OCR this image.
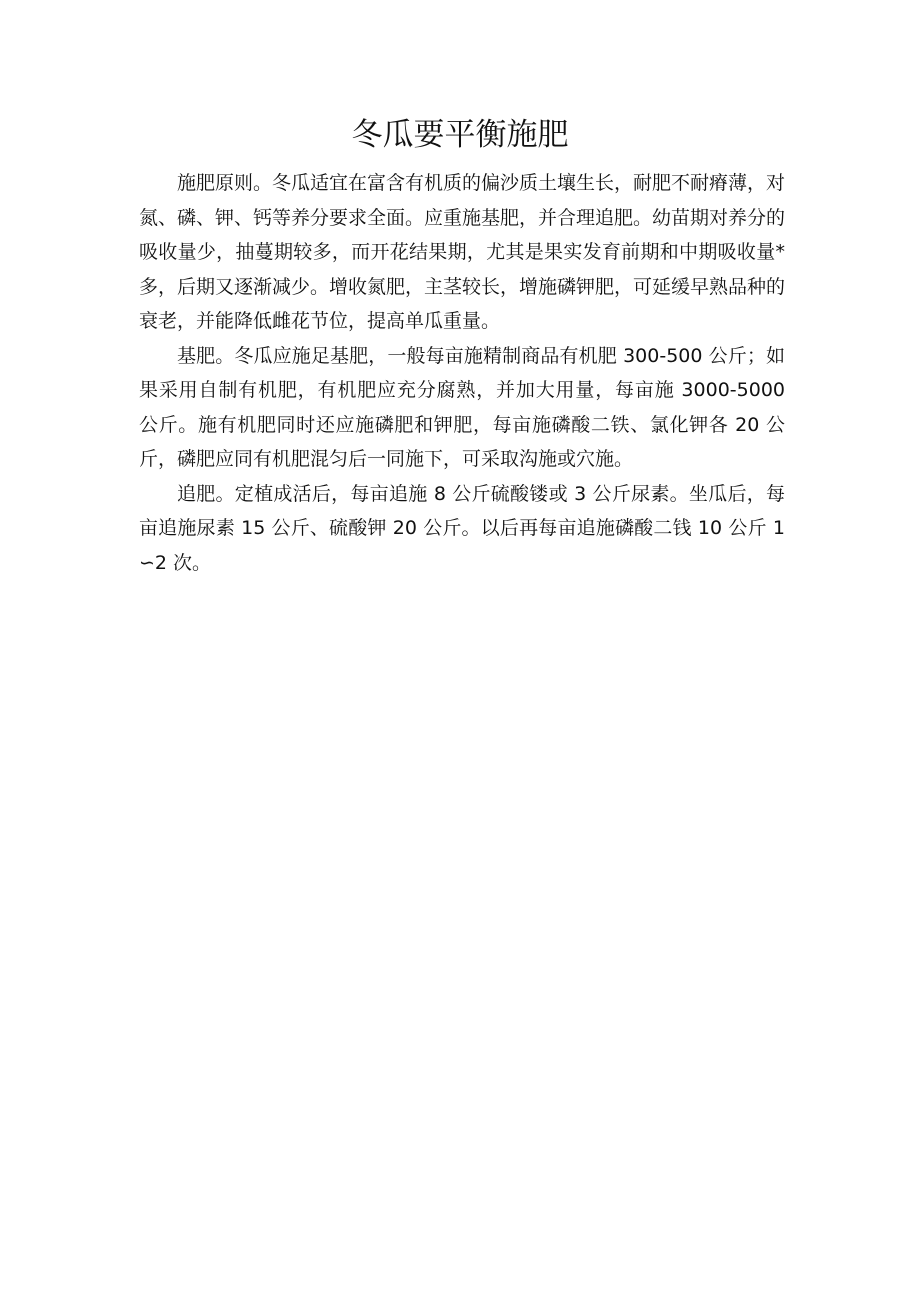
冬瓜要平衡施肥

施肥原则。冬瓜适宜在富含有机质的偏沙质土壤生长，耐肥不耐瘠薄，对氮、磷、钾、钙等养分要求全面。应重施基肥，并合理追肥。幼苗期对养分的吸收量少，抽蔓期较多，而开花结果期，尤其是果实发育前期和中期吸收量*多，后期又逐渐减少。增收氮肥，主茎较长，增施磷钾肥，可延缓早熟品种的衰老，并能降低雌花节位，提高单瓜重量。

基肥。冬瓜应施足基肥，一般每亩施精制商品有机肥 300-500 公斤；如果采用自制有机肥，有机肥应充分腐熟，并加大用量，每亩施 3000-5000 公斤。施有机肥同时还应施磷肥和钾肥，每亩施磷酸二铁、氯化钾各 20 公斤，磷肥应同有机肥混匀后一同施下，可采取沟施或穴施。

追肥。定植成活后，每亩追施 8 公斤硫酸镂或 3 公斤尿素。坐瓜后，每亩追施尿素 15 公斤、硫酸钾 20 公斤。以后再每亩追施磷酸二钱 10 公斤 1∽2 次。
